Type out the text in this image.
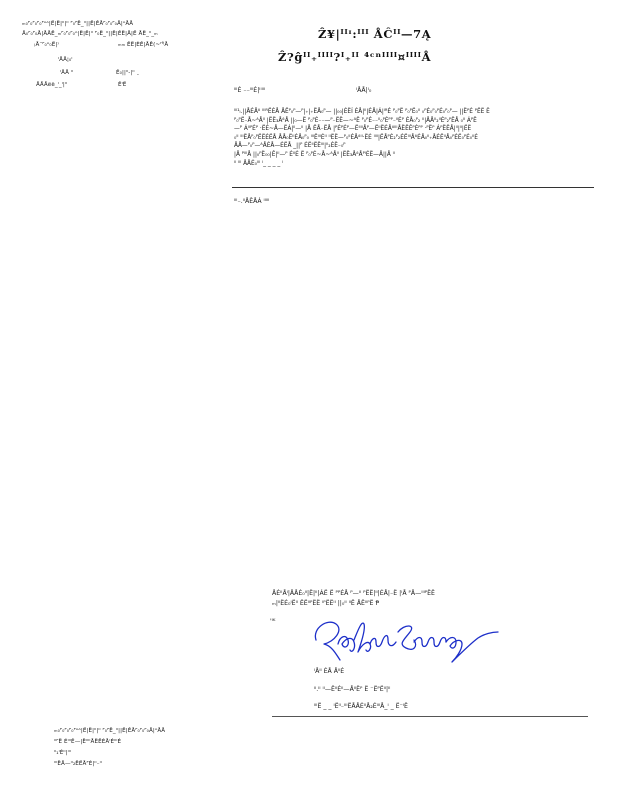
ₘ₀ᴾ₀ᴾ₀ᴾ₀ᴾᴬᴬ|Ë|Ë|ᴵᴵ|ᴵᴵ ᴾ₀ᴾË_ᴵᴵ||Ë|ÊÅᴾ₀ᴾ₀ᴾ₀Å|ᴬÅÅ
Å₀ᴾ₀ᴾ₀Å|ÅÅË_ₘᴾ₀ᴾ₀ᴾ₀ᴬ|Ë|Ë|ᴵᴵ ᴾ₀Ë_ᴵᴵ||Ë|ÊË|Å|Ë ÅË_ᴵᴵ_ₘ
₍Å¨ᴾ₀ᴬ₀Ë|⁾
ᴵÅÅ¦₀ᴵ
ᴵÅÅ ᴵᴵ
ÅÅÅëë_ᴵ_ᴵ|ᴵᴵ
ₘₘ ÊË|ÈÊ|ÅÊ(~ᴴ⁾̃Å
Ê₀||ᴵᴵ-|ᴵᴵ ˍ
ÊᴵË
Ẑ¥|ᴵᴵᶦ:ᴵᴵᴵ ÅĈᴵᴵ—7Ą
Ẑ?ĝᴵᴵ₊ᴵᴵᴵᴵ?ᴵ₊ᴵᴵ ⁴ᶜⁿᴵᴵᴵᴵ¤ᴵᴵᴵᴵÅ
ᴵᴵᴵÉ ₋₋ᴵᴵᴵÉ|ᴵᴵᴵᴵᴵ	ᴵÅÅ|ᴵ₀
ᴵᴵᴵ¹ᵢ.||ÅÉÅᶞ ᴵᴵᴵᴿËÉÅ ÅËᴾ₀ᴾ—ᴾ|₊|₊ËÅ₀ᴾ— ||₀₀|ÉËÍ ÉÅ|ᴵᴵ|ÉÅ|Á|ᴵᴿÉ ᴾ₀ᴾË ᴾ₀ᴾË₀ᴵᴵ ₀ᴾÉ₀ᴾ₀ᴾÉ₀ᴾ₀ᴾ— ||ËᴾÉ ᴾËË Ê
ᴾ₀ᴾË₋Å~ᴬÅᴵᴵ |ËË₃ÅᶞÅ ||₀—Ë ᴾ₀ᴾÉ₋₋—ᴾ₋ËË—~ᴬË ᴾ₀ᴾÉ₋₋ᴵᴵ₀ᴾÉᴾᴾ₋ᴵᴵÉᴾ ÉÅ₀ᴾ₂ ᴵᴵ|ÅÅᴵᴵ₂ᴵᴵÉᴾ₂ᴾËÅ ₀ᴵᴵ ÁᴾË
—ᴾ ÁᴵᴵᴾÉᴾ ·ËÉ~Å—ËÁ|ᴵᴵ—ᴵᴵ |Å ËÅ₋ËÅ |ᴾÉᴾÉᴾ—ËᴵᴵᴵᴵÅᴾ—ËᴵᴵËÉÅᶞᴵᴵᴵÅËËÊᴾÉᴾᴾ ·ᴾËᴾ ÁᴾËËÅ|ᴵᴵ|ᴵᴵ|ËË
₀ᴵᴵ ᴵᴵᴵËÅᴾ₀ᴾËËÉËÅ ÅÅ₀ËᴵᴵÉÅ₀ᴾ₀ ᴵᴵᴵËᴵᴵᴵÉᴵᴵ ᴵᴵËË—ᴾ₀ᴵᴵÉÅᶞᴵᴵ·ËÉ ᴵᴵᴵᴵ|ËÅᴾÉ₂ᴾ₂ÉËᴵᴵᴵÅᶞÉÅ₀ᴵᴵ₊ÅÉËᴵᴵÅ₀ᴾÉË₀ᴾÉ₀ᴵᴵÉ
ÅÅ—ᴾ₀ᴾ—ᴬÅÉÅ—ÉËÅ _||ᴾ ÉËᴵᴵËËᴵᴵᴵ|ᴵᴵ₂ÉË₋₀ᴾ
|Å ᴾᴵᴵᴵÅ ||₀ᴾË₀₀|Ê|ᴵᴵ—ᴾ ÉᴵᴵÉ Ë ᴾ₀ᴾÉ~Å~ᴬÅᴵᴵ |ËË₃ÅᶞÅᴾᴵÉË—Å||Å ᴵᴵ
ᴵᴵ ᴵᴵᴵ ÅÅÉ₀ᴵᴵᴵ ᴵ_ _ _ _ ᴵ
ᴵᴵᴵ₋.ᴵᴵÅÊÅÁ ᴵᴵᴵᴵᴵ
ÅÉᴵᴵÅᴵ|ÅÅÉ₀ᴵᴵ|Ë|ᴵᴵ|ÁË Ë ᴾᴾÉÅ ᴾ—ᴵᴵ ᴾËË|ᴵᴵ|ÉÅ|₋Ë |ᴵÅ ᴾÅ—ᴵᴵᴵᴾËË
ₘ|ᴵᴵËÉ₀ᴵËᴵᴵ ËËᴵᴵᴾËË ᴵᴾËËᴵᴵ ||₀ᴵᴵ ᴵᴵË ÅËᴵᴵᴾË Ᵽ
'ᴵᴷ
ᴵÅᴵᴵ ÉÅ ÅᴵᴵÉ
ᴵᴵ.ᴵᴵ ᴵᴵ—ËᴵᴵÉᴵᴵ—ÅᴵᴵËᴾ Ë ⁻ËᴾËᴵᴵ|ᴵᴵ
ᴵᴵᴵË _ _ ᴵËᴵᴵ₋ᴵᴵᴵËÅÅÉᴵᴵÅ₂ÉᴵᴵᴵÅ_ᴵ _ Ë⁻ᴵË
ₘ₀ᴾ₀ᴾ₀ᴾ₀ᴾᴬᴬ|Ë|Ë|ᴵᴵ|ᴵᴵ ᴾ₀ᴾË_ᴵᴵ||Ë|ÊÅᴾ₀ᴾ₀ᴾ₀Å|ᴬÅÅ
ᴵᴵᴾË ÉᴵᴵᴵÊ—|ËᴵᴵᴵᴵÅËËÉÅᴵÉᴵᴵᴵÉ
ᴵᴵ₁ᴵÉᴵᴵ|ᴵᴵᴵ
ᴵᴵᴵËÅ—ᴵᴵ₂ËËÅᴾÉ|ᴵᴵ₋ᴵᴵ
